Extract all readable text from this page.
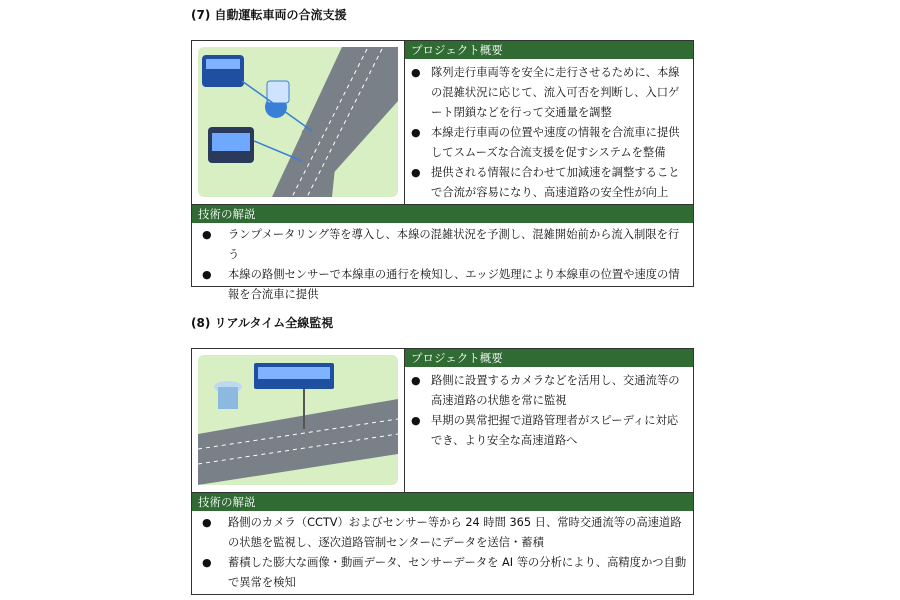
(7) 自動運転車両の合流支援
プロジェクト概要
● 隊列走行車両等を安全に走行させるために、本線の混雑状況に応じて、流入可否を判断し、入口ゲート閉鎖などを行って交通量を調整
● 本線走行車両の位置や速度の情報を合流車に提供してスムーズな合流支援を促すシステムを整備
● 提供される情報に合わせて加減速を調整することで合流が容易になり、高速道路の安全性が向上
技術の解説
● ランプメータリング等を導入し、本線の混雑状況を予測し、混雑開始前から流入制限を行う
● 本線の路側センサーで本線車の通行を検知し、エッジ処理により本線車の位置や速度の情報を合流車に提供
(8) リアルタイム全線監視
プロジェクト概要
● 路側に設置するカメラなどを活用し、交通流等の高速道路の状態を常に監視
● 早期の異常把握で道路管理者がスピーディに対応でき、より安全な高速道路へ
技術の解説
● 路側のカメラ（CCTV）およびセンサー等から 24 時間 365 日、常時交通流等の高速道路の状態を監視し、逐次道路管制センターにデータを送信・蓄積
● 蓄積した膨大な画像・動画データ、センサーデータを AI 等の分析により、高精度かつ自動で異常を検知
